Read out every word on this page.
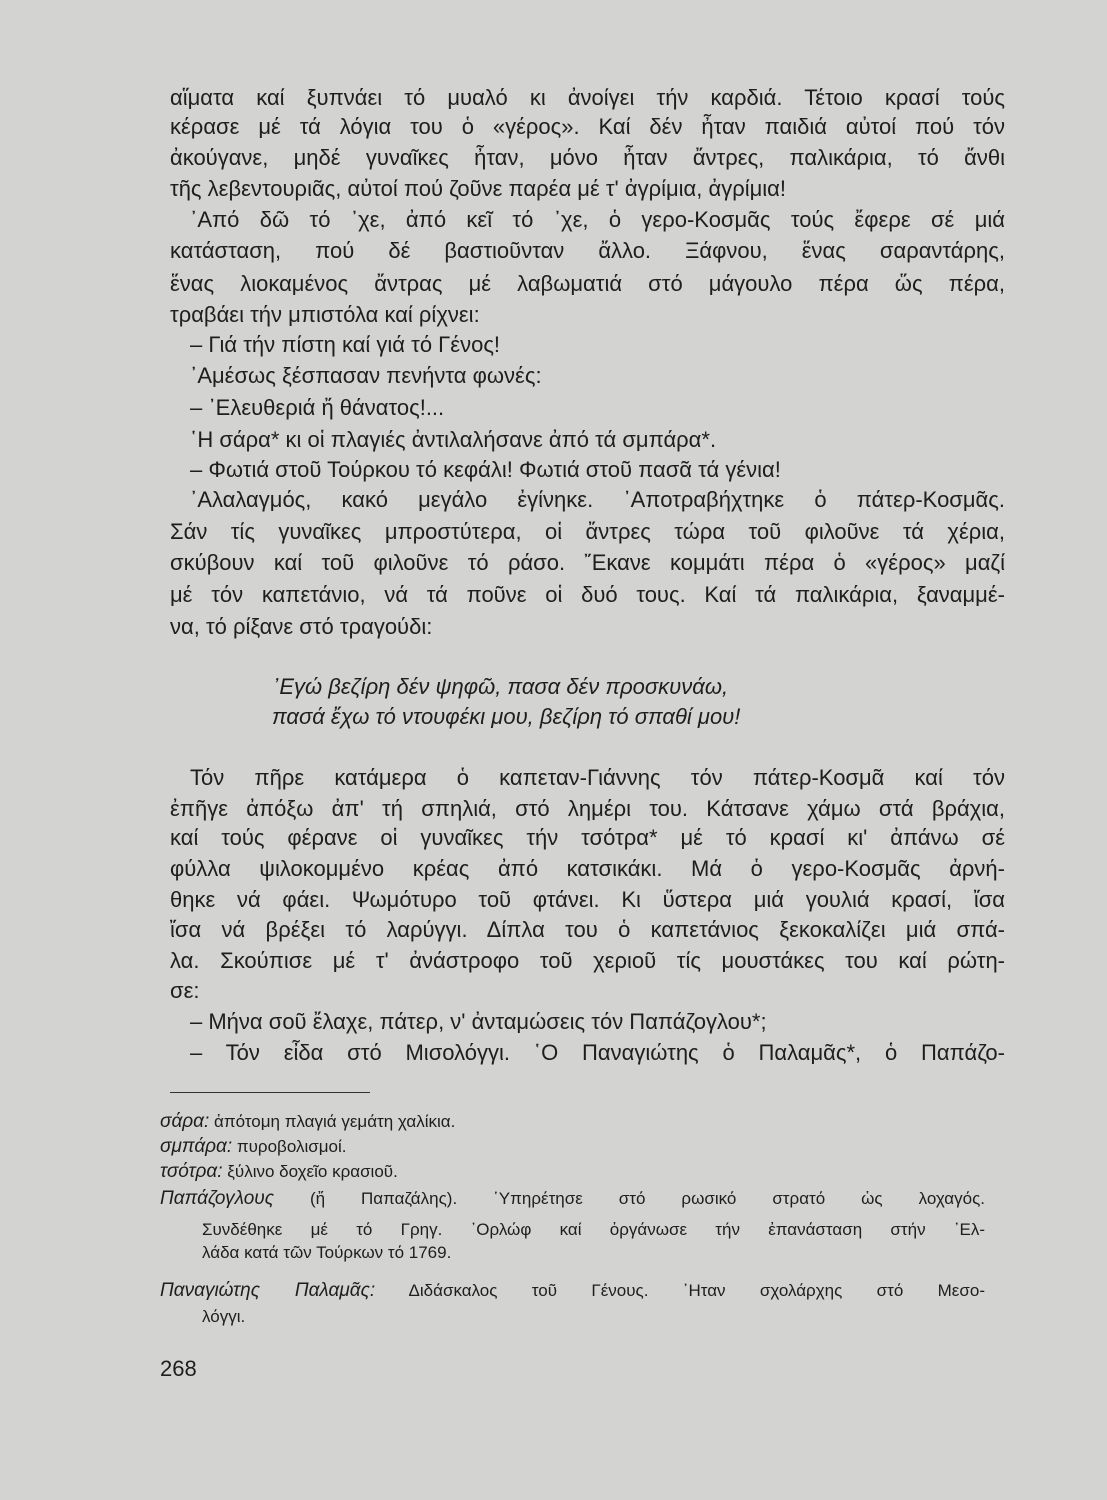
αἵματα καί ξυπνάει τό μυαλό κι ἀνοίγει τήν καρδιά. Τέτοιο κρασί τούς
κέρασε μέ τά λόγια του ὁ «γέρος». Καί δέν ἦταν παιδιά αὐτοί πού τόν
ἀκούγανε, μηδέ γυναῖκες ἦταν, μόνο ἦταν ἄντρες, παλικάρια, τό ἄνθι
τῆς λεβεντουριᾶς, αὐτοί πού ζοῦνε παρέα μέ τ' ἀγρίμια, ἀγρίμια!
᾿Από δῶ τό ᾿χε, ἀπό κεῖ τό ᾿χε, ὁ γερο-Κοσμᾶς τούς ἔφερε σέ μιά
κατάσταση, πού δέ βαστιοῦνταν ἄλλο. Ξάφνου, ἕνας σαραντάρης,
ἕνας λιοκαμένος ἄντρας μέ λαβωματιά στό μάγουλο πέρα ὥς πέρα,
τραβάει τήν μπιστόλα καί ρίχνει:
– Γιά τήν πίστη καί γιά τό Γένος!
᾿Αμέσως ξέσπασαν πενήντα φωνές:
– ᾿Ελευθεριά ἤ θάνατος!...
῾Η σάρα* κι οἱ πλαγιές ἀντιλαλήσανε ἀπό τά σμπάρα*.
– Φωτιά στοῦ Τούρκου τό κεφάλι! Φωτιά στοῦ πασᾶ τά γένια!
᾿Αλαλαγμός, κακό μεγάλο ἐγίνηκε. ᾿Αποτραβήχτηκε ὁ πάτερ-Κοσμᾶς.
Σάν τίς γυναῖκες μπροστύτερα, οἱ ἄντρες τώρα τοῦ φιλοῦνε τά χέρια,
σκύβουν καί τοῦ φιλοῦνε τό ράσο. ῎Εκανε κομμάτι πέρα ὁ «γέρος» μαζί
μέ τόν καπετάνιο, νά τά ποῦνε οἱ δυό τους. Καί τά παλικάρια, ξαναμμέ-
να, τό ρίξανε στό τραγούδι:
᾿Εγώ βεζίρη δέν ψηφῶ, πασα δέν προσκυνάω,
πασά ἔχω τό ντουφέκι μου, βεζίρη τό σπαθί μου!
Τόν πῆρε κατάμερα ὁ καπεταν-Γιάννης τόν πάτερ-Κοσμᾶ καί τόν
ἐπῆγε ἀπόξω ἀπ' τή σπηλιά, στό λημέρι του. Κάτσανε χάμω στά βράχια,
καί τούς φέρανε οἱ γυναῖκες τήν τσότρα* μέ τό κρασί κι' ἀπάνω σέ
φύλλα ψιλοκομμένο κρέας ἀπό κατσικάκι. Μά ὁ γερο-Κοσμᾶς ἀρνή-
θηκε νά φάει. Ψωμότυρο τοῦ φτάνει. Κι ὕστερα μιά γουλιά κρασί, ἴσα
ἴσα νά βρέξει τό λαρύγγι. Δίπλα του ὁ καπετάνιος ξεκοκαλίζει μιά σπά-
λα. Σκούπισε μέ τ' ἀνάστροφο τοῦ χεριοῦ τίς μουστάκες του καί ρώτη-
σε:
– Μήνα σοῦ ἔλαχε, πάτερ, ν' ἀνταμώσεις τόν Παπάζογλου*;
– Τόν εἶδα στό Μισολόγγι. ῾Ο Παναγιώτης ὁ Παλαμᾶς*, ὁ Παπάζο-
σάρα: ἀπότομη πλαγιά γεμάτη χαλίκια.
σμπάρα: πυροβολισμοί.
τσότρα: ξύλινο δοχεῖο κρασιοῦ.
Παπάζογλους (ἤ Παπαζάλης). ῾Υπηρέτησε στό ρωσικό στρατό ὡς λοχαγός.
Συνδέθηκε μέ τό Γρηγ. ᾿Ορλώφ καί ὀργάνωσε τήν ἐπανάσταση στήν ᾿Ελ-
λάδα κατά τῶν Τούρκων τό 1769.
Παναγιώτης Παλαμᾶς: Διδάσκαλος τοῦ Γένους. ᾿Ηταν σχολάρχης στό Μεσο-
λόγγι.
268
